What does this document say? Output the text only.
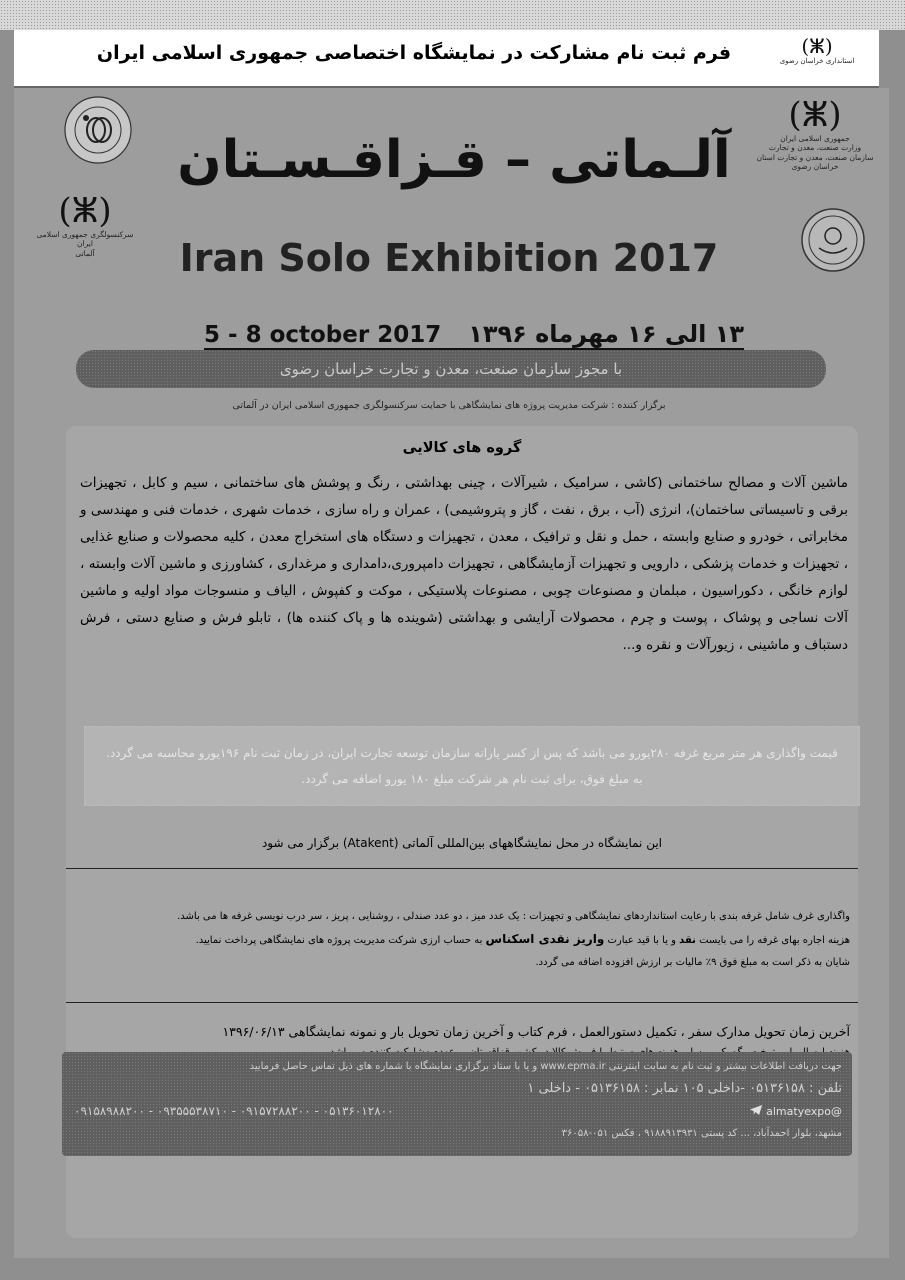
فرم ثبت نام مشارکت در نمایشگاه اختصاصی جمهوری اسلامی ایران	(ⵥ)
استانداری خراسان رضوی
(ⵥ)
جمهوری اسلامی ایران
وزارت صنعت، معدن و تجارت
سازمان صنعت، معدن و تجارت استان خراسان رضوی
(ⵥ)
سرکنسولگری جمهوری اسلامی ایران
آلماتی
آلـماتی – قـزاقـسـتان
Iran Solo Exhibition 2017
5 - 8 october 2017 ۱۳ الی ۱۶ مهرماه ۱۳۹۶
با مجوز سازمان صنعت، معدن و تجارت خراسان رضوی
برگزار کننده : شرکت مدیریت پروژه های نمایشگاهی با حمایت سرکنسولگری جمهوری اسلامی ایران در آلماتی
گروه های کالایی
ماشین آلات و مصالح ساختمانی (کاشی ، سرامیک ، شیرآلات ، چینی بهداشتی ، رنگ و پوشش های ساختمانی ، سیم و کابل ، تجهیزات برقی و تاسیساتی ساختمان)، انرژی (آب ، برق ، نفت ، گاز و پتروشیمی) ، عمران و راه سازی ، خدمات شهری ، خدمات فنی و مهندسی و مخابراتی ، خودرو و صنایع وابسته ، حمل و نقل و ترافیک ، معدن ، تجهیزات و دستگاه های استخراج معدن ، کلیه محصولات و صنایع غذایی ، تجهیزات و خدمات پزشکی ، دارویی و تجهیزات آزمایشگاهی ، تجهیزات دامپروری،دامداری و مرغداری ، کشاورزی و ماشین آلات وابسته ، لوازم خانگی ، دکوراسیون ، مبلمان و مصنوعات چوبی ، مصنوعات پلاستیکی ، موکت و کفپوش ، الیاف و منسوجات مواد اولیه و ماشین آلات نساجی و پوشاک ، پوست و چرم ، محصولات آرایشی و بهداشتی (شوینده ها و پاک کننده ها) ، تابلو فرش و صنایع دستی ، فرش دستباف و ماشینی ، زیورآلات و نقره و...
قیمت واگذاری هر متر مربع غرفه ۲۸۰یورو می باشد که پس از کسر یارانه سازمان توسعه تجارت ایران، در زمان ثبت نام ۱۹۶یورو محاسبه می گردد.
به مبلغ فوق، برای ثبت نام هر شرکت مبلغ ۱۸۰ یورو اضافه می گردد.
این نمایشگاه در محل نمایشگاههای بین‌المللی آلماتی (Atakent) برگزار می شود
واگذاری غرف شامل غرفه بندی با رعایت استانداردهای نمایشگاهی و تجهیزات : یک عدد میز ، دو عدد صندلی ، روشنایی ، پریز ، سر درب نویسی غرفه ها می باشد.
هزینه اجاره بهای غرفه را می بایست نقد و یا با قید عبارت واریز نقدی اسکناس به حساب ارزی شرکت مدیریت پروژه های نمایشگاهی پرداخت نمایید.
شایان به ذکر است به مبلغ فوق ۹٪ مالیات بر ارزش افزوده اضافه می گردد.
آخرین زمان تحویل مدارک سفر ، تکمیل دستورالعمل ، فرم کتاب و آخرین زمان تحویل بار و نمونه نمایشگاهی ۱۳۹۶/۰۶/۱۳
جهت دریافت اطلاعات بیشتر و ثبت نام به سایت اینترنتی www.epma.ir و یا با ستاد برگزاری نمایشگاه با شماره های ذیل تماس حاصل فرمایید
تلفن : ۰۵۱۳۶۱۵۸ -داخلی ۱۰۵ نمابر : ۰۵۱۳۶۱۵۸ - داخلی ۱
۰۵۱۳۶۰۱۲۸۰۰ - ۰۹۱۵۷۲۸۸۲۰۰ - ۰۹۳۵۵۵۳۸۷۱۰ - ۰۹۱۵۸۹۸۸۲۰۰	@almatyexpo
مشهد، بلوار احمدآباد، ... کد پستی ۹۱۸۸۹۱۳۹۳۱ ، فکس ۰۵۱-۳۶۰۵۸
